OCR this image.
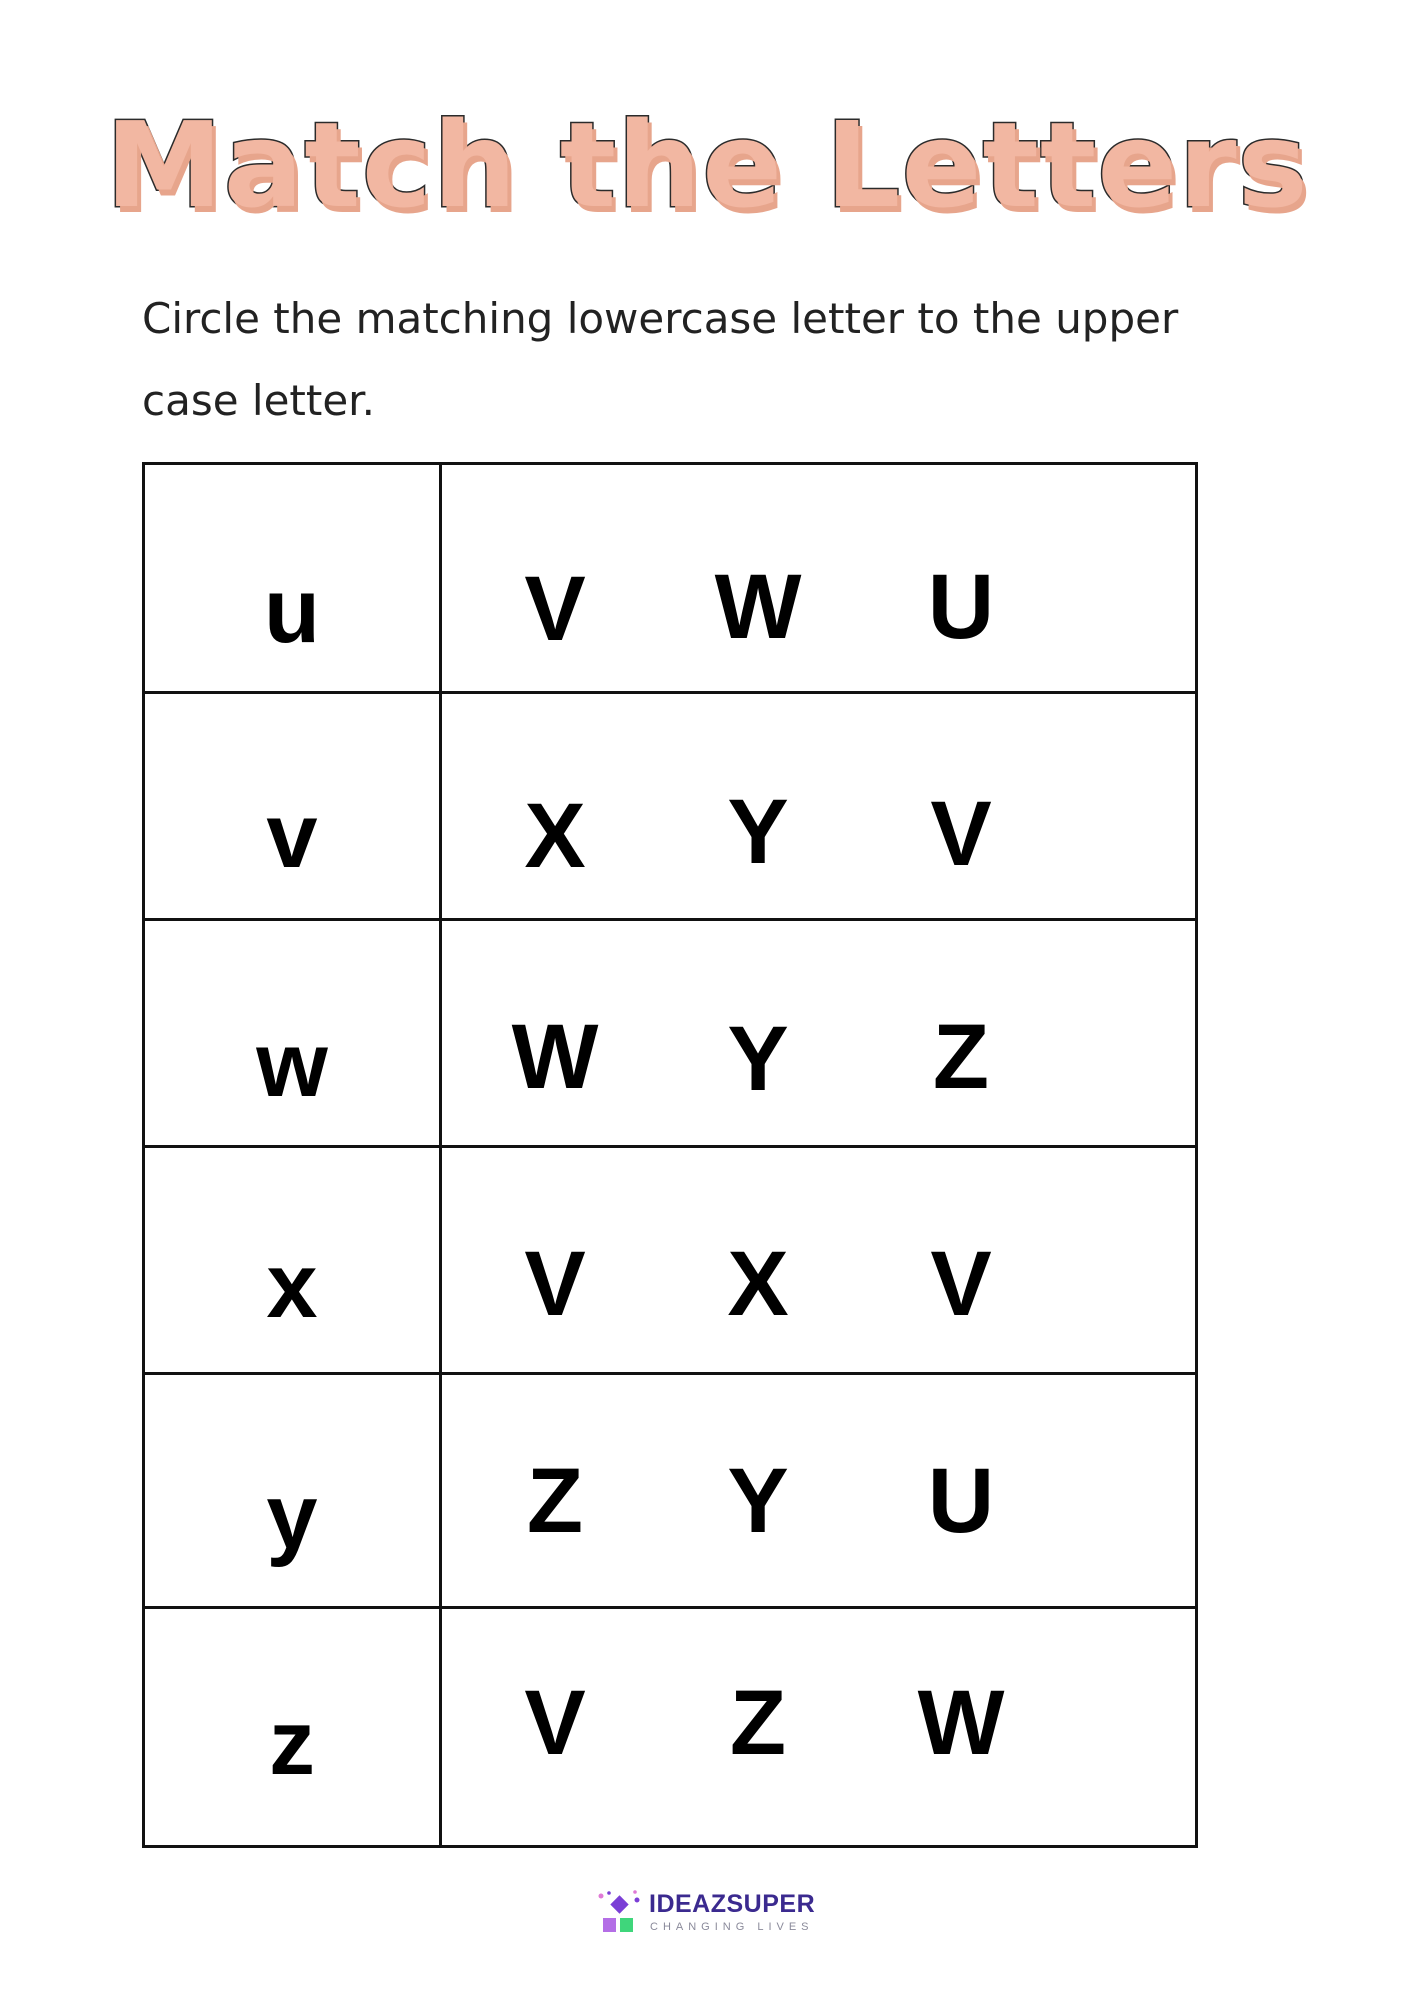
Match the Letters
Circle the matching lowercase letter to the upper case letter.
u	V	W	U
v	X	Y	V
w	W	Y	Z
x	V	X	V
y	Z	Y	U
z	V	Z	W
IDEAZSUPER
CHANGING LIVES
